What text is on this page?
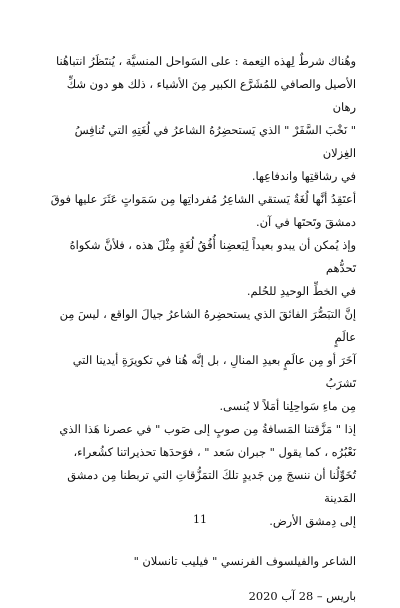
وهُناك شرطٌ لِهذه النِعمة : على السَواحل المنسيَّة ، يُنتَظَرُ انتباهُنا

الأصيل والصافي للمُشَرَّع الكبير مِنَ الأشياء ، ذلك هو دون شكِّ رهان

" نَخْبَ السَّفَرْ " الذي يَستحضِرُهُ الشاعرُ في لُغَتِهِ التي تُنافِسُ الغِزلان

في رشاقتِها واندفاعِها.

أعتَقِدُ أنَّها لُغَةٌ يَستقي الشاعِرُ مُفرداتِها مِن سَمَواتٍ عَثَرَ عليها فوقَ

دمشقَ وتَحتَها في آن.

وإذ يُمكن أن يبدو بعيداً لِبَعضِنا أُفُقُ لُغَةٍ مِثْلَ هذه ، فلأنَّ شكواهُ تَحدُّهم

في الخطِّ الوحيدِ للحُلم.

إنَّ التبَصُّرَ الفائقَ الذي يستحضِرهُ الشاعرُ جيالَ الواقع ، ليسَ مِن عالَمٍ

آخَرَ أو مِن عالَمٍ بعيدِ المنالِ ، بل إنَّه هُنا في تكويرَةِ أيدينا التي تَشرَبُ

مِن ماءِ سَواحِلِنا أمَلاً لا يُنسى.

إذا " مَزَّقتنا المَسافةُ مِن صوبٍ إلى صَوب " في عصرنا هَذا الذي

نَعْبُرُه ، كما يقول " جبران سَعد " ، فوَحدَها تحذيراتنا كشُعراء،

تُخَوِّلُنا أن ننسجَ مِن جَديدٍ تلكَ التمَزُّقاتِ التي تربطنا مِن دمشق المَدينة

إلى دِمشق الأرض.

الشاعر والفيلسوف الفرنسي " فيليب تانسلان "

باريس – 28 آب 2020

11
